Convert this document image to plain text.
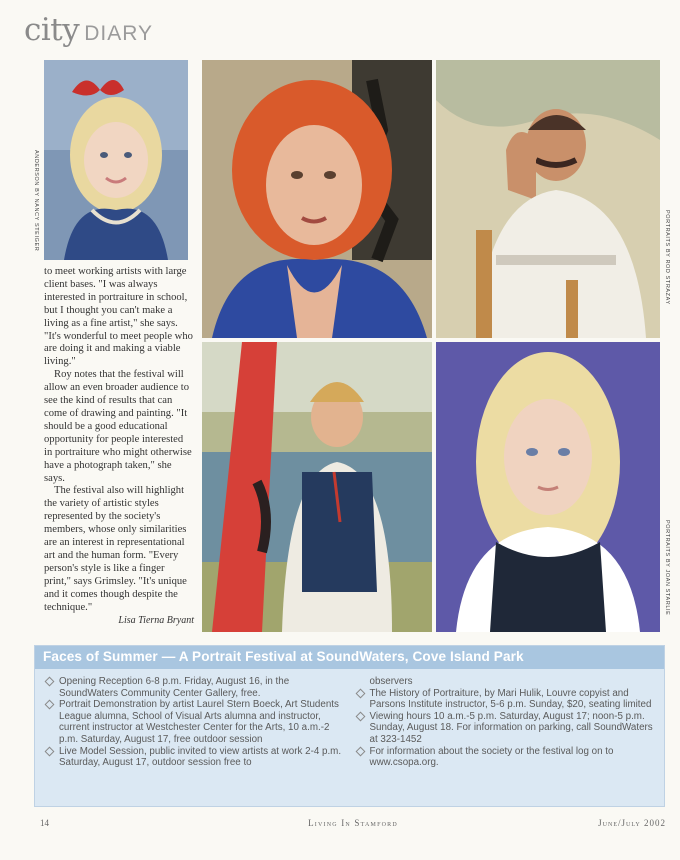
city DIARY
ANDERSON BY NANCY STEIGER
PORTRAITS BY ROD STRAZAY
PORTRAITS BY JOAN STARLIE

to meet working artists with large client bases. "I was always interested in portraiture in school, but I thought you can't make a living as a fine artist," she says. "It's wonderful to meet people who are doing it and making a viable living."

Roy notes that the festival will allow an even broader audience to see the kind of results that can come of drawing and painting. "It should be a good educational opportunity for people interested in portraiture who might otherwise have a photograph taken," she says.

The festival also will highlight the variety of artistic styles represented by the society's members, whose only similarities are an interest in representational art and the human form. "Every person's style is like a finger print," says Grimsley. "It's unique and it comes though despite the technique."

Lisa Tierna Bryant

Faces of Summer — A Portrait Festival at SoundWaters, Cove Island Park
Opening Reception 6-8 p.m. Friday, August 16, in the SoundWaters Community Center Gallery, free.
Portrait Demonstration by artist Laurel Stern Boeck, Art Students League alumna, School of Visual Arts alumna and instructor, current instructor at Westchester Center for the Arts, 10 a.m.-2 p.m. Saturday, August 17, free outdoor session
Live Model Session, public invited to view artists at work 2-4 p.m. Saturday, August 17, outdoor session free to
observers
The History of Portraiture, by Mari Hulik, Louvre copyist and Parsons Institute instructor, 5-6 p.m. Sunday, $20, seating limited
Viewing hours 10 a.m.-5 p.m. Saturday, August 17; noon-5 p.m. Sunday, August 18. For information on parking, call SoundWaters at 323-1452
For information about the society or the festival log on to www.csopa.org.
14	Living In Stamford	June/July 2002
